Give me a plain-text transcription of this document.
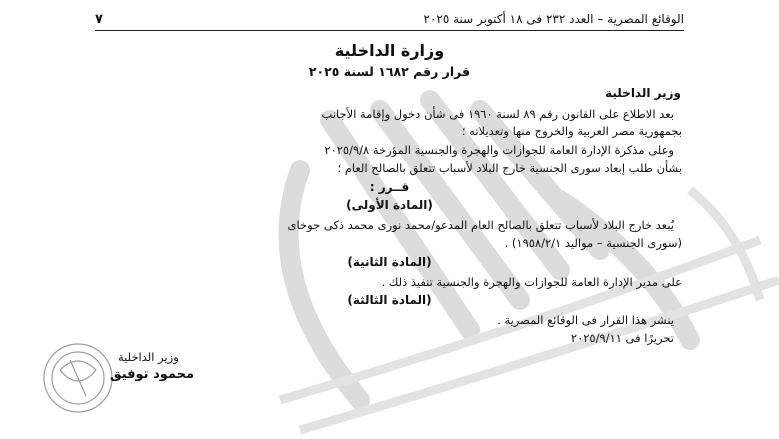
الوقائع المصرية – العدد ٢٣٢ فى ١٨ أكتوبر سنة ٢٠٢٥
٧
وزارة الداخلية
قرار رقم ١٦٨٢ لسنة ٢٠٢٥
وزير الداخلية
بعد الاطلاع على القانون رقم ٨٩ لسنة ١٩٦٠ فى شأن دخول وإقامة الأجانب
بجمهورية مصر العربية والخروج منها وتعديلاته ؛
وعلى مذكرة الإدارة العامة للجوازات والهجرة والجنسية المؤرخة ٢٠٢٥/٩/٨
بشأن طلب إبعاد سورى الجنسية خارج البلاد لأسباب تتعلق بالصالح العام ؛
قــرر :
(المادة الأولى)
يُبعد خارج البلاد لأسباب تتعلق بالصالح العام المدعو/محمد نورى محمد ذكى جوخاى
(سورى الجنسية – مواليد ١٩٥٨/٢/١) .
(المادة الثانية)
على مدير الإدارة العامة للجوازات والهجرة والجنسية تنفيذ ذلك .
(المادة الثالثة)
ينشر هذا القرار فى الوقائع المصرية .
تحريرًا فى ٢٠٢٥/٩/١١
وزير الداخلية
محمود توفيق
